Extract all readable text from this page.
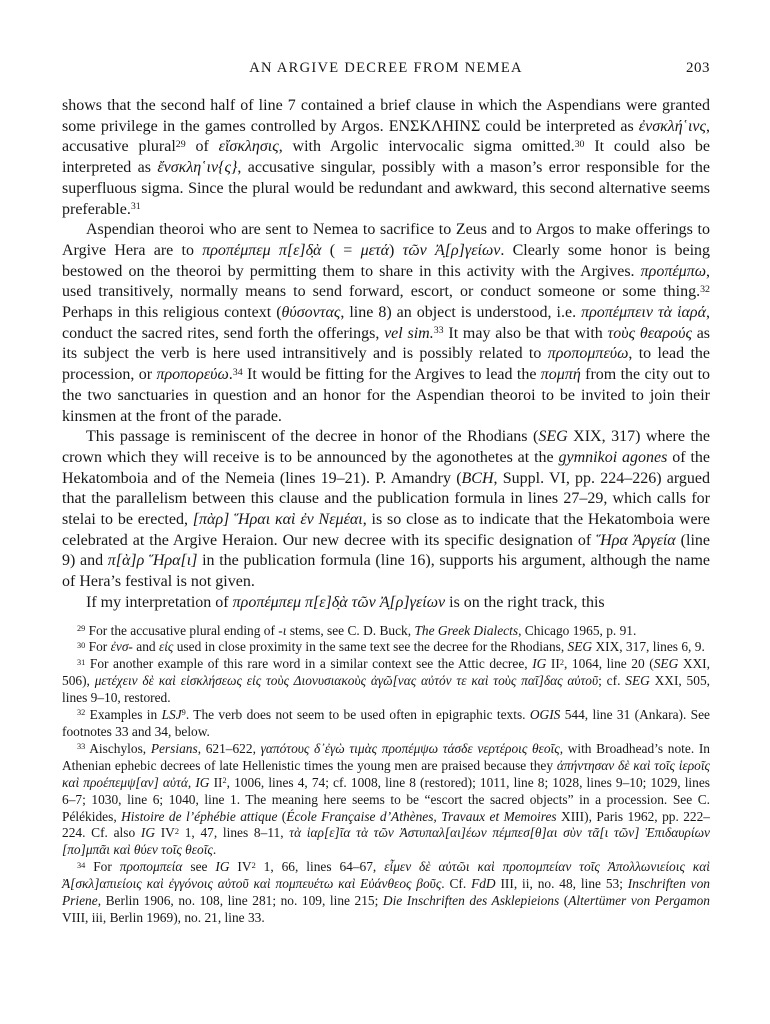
AN ARGIVE DECREE FROM NEMEA	203

shows that the second half of line 7 contained a brief clause in which the Aspendians were granted some privilege in the games controlled by Argos. ΕΝΣΚΛΗΙΝΣ could be interpreted as ἐνσκλή῾ινς, accusative plural$^{29}$ of εἴσκλησις, with Argolic intervocalic sigma omitted.$^{30}$ It could also be interpreted as ἔνσκλη῾ιν{ς}, accusative singular, possibly with a mason’s error responsible for the superfluous sigma. Since the plural would be redundant and awkward, this second alternative seems preferable.$^{31}$

Aspendian theoroi who are sent to Nemea to sacrifice to Zeus and to Argos to make offerings to Argive Hera are to προπέμπεμ π[ε]δ̣ὰ ( = μετά) τῶν Ἀ̣[ρ]γείων. Clearly some honor is being bestowed on the theoroi by permitting them to share in this activity with the Argives. προπέμπω, used transitively, normally means to send forward, escort, or conduct someone or some thing.$^{32}$ Perhaps in this religious context (θύσοντας, line 8) an object is understood, i.e. προπέμπειν τὰ ἱαρά, conduct the sacred rites, send forth the offerings, vel sim.$^{33}$ It may also be that with τοὺς θεαρούς as its subject the verb is here used intransitively and is possibly related to προπομπεύω, to lead the procession, or προπορεύω.$^{34}$ It would be fitting for the Argives to lead the πομπή from the city out to the two sanctuaries in question and an honor for the Aspendian theoroi to be invited to join their kinsmen at the front of the parade.

This passage is reminiscent of the decree in honor of the Rhodians (SEG XIX, 317) where the crown which they will receive is to be announced by the agonothetes at the gymnikoi agones of the Hekatomboia and of the Nemeia (lines 19–21). P. Amandry (BCH, Suppl. VI, pp. 224–226) argued that the parallelism between this clause and the publication formula in lines 27–29, which calls for stelai to be erected, [πὰρ] Ἥραι καὶ ἐν Νεμέαι, is so close as to indicate that the Hekatomboia were celebrated at the Argive Heraion. Our new decree with its specific designation of Ἥρα Ἀργεία (line 9) and π[ὰ]ρ Ἥρα[ι] in the publication formula (line 16), supports his argument, although the name of Hera’s festival is not given.

If my interpretation of προπέμπεμ π[ε]δ̣ὰ τῶν Ἀ̣[ρ]γείων is on the right track, this

$^{29}$ For the accusative plural ending of -ι stems, see C. D. Buck, The Greek Dialects, Chicago 1965, p. 91.

$^{30}$ For ἐνσ- and εἰς used in close proximity in the same text see the decree for the Rhodians, SEG XIX, 317, lines 6, 9.

$^{31}$ For another example of this rare word in a similar context see the Attic decree, IG $II^2$, 1064, line 20 (SEG XXI, 506), μετέχειν δὲ καὶ εἰσκλήσεως εἰς τοὺς Διονυσιακοὺς ἀγῶ[νας αὐτόν τε καὶ τοὺς παῖ]δας αὐτοῦ; cf. SEG XXI, 505, lines 9–10, restored.

$^{32}$ Examples in LSJ$^9$. The verb does not seem to be used often in epigraphic texts. OGIS 544, line 31 (Ankara). See footnotes 33 and 34, below.

$^{33}$ Aischylos, Persians, 621–622, γαπότους δ᾽ἐγὼ τιμὰς προπέμψω τάσδε νερτέροις θεοῖς, with Broadhead’s note. In Athenian ephebic decrees of late Hellenistic times the young men are praised because they ἀπήντησαν δὲ καὶ τοῖς ἱεροῖς καὶ προέπεμψ[αν] αὐτά, IG $II^2$, 1006, lines 4, 74; cf. 1008, line 8 (restored); 1011, line 8; 1028, lines 9–10; 1029, lines 6–7; 1030, line 6; 1040, line 1. The meaning here seems to be “escort the sacred objects” in a procession. See C. Pélékides, Histoire de l’éphébie attique (École Française d’Athènes, Travaux et Memoires XIII), Paris 1962, pp. 222–224. Cf. also IG $IV^2$ 1, 47, lines 8–11, τὰ ἱαρ[ε]ῖα τὰ τῶν Ἀστυπαλ[αι]έων πέμπεσ[θ]αι σὺν τᾶ[ι τῶν] Ἐπιδαυρίων [πο]μπᾶι καὶ θύεν τοῖς θεοῖς.

$^{34}$ For προπομπεία see IG $IV^2$ 1, 66, lines 64–67, εἶμεν δὲ αὐτῶι καὶ προπομπείαν τοῖς Ἀπολλωνιείοις καὶ Ἀ[σκλ]απιείοις καὶ ἐγγόνοις αὐτοῦ καὶ πομπευέτω καὶ Εὐάνθεος βοῦς. Cf. FdD III, ii, no. 48, line 53; Inschriften von Priene, Berlin 1906, no. 108, line 281; no. 109, line 215; Die Inschriften des Asklepieions (Altertümer von Pergamon VIII, iii, Berlin 1969), no. 21, line 33.
